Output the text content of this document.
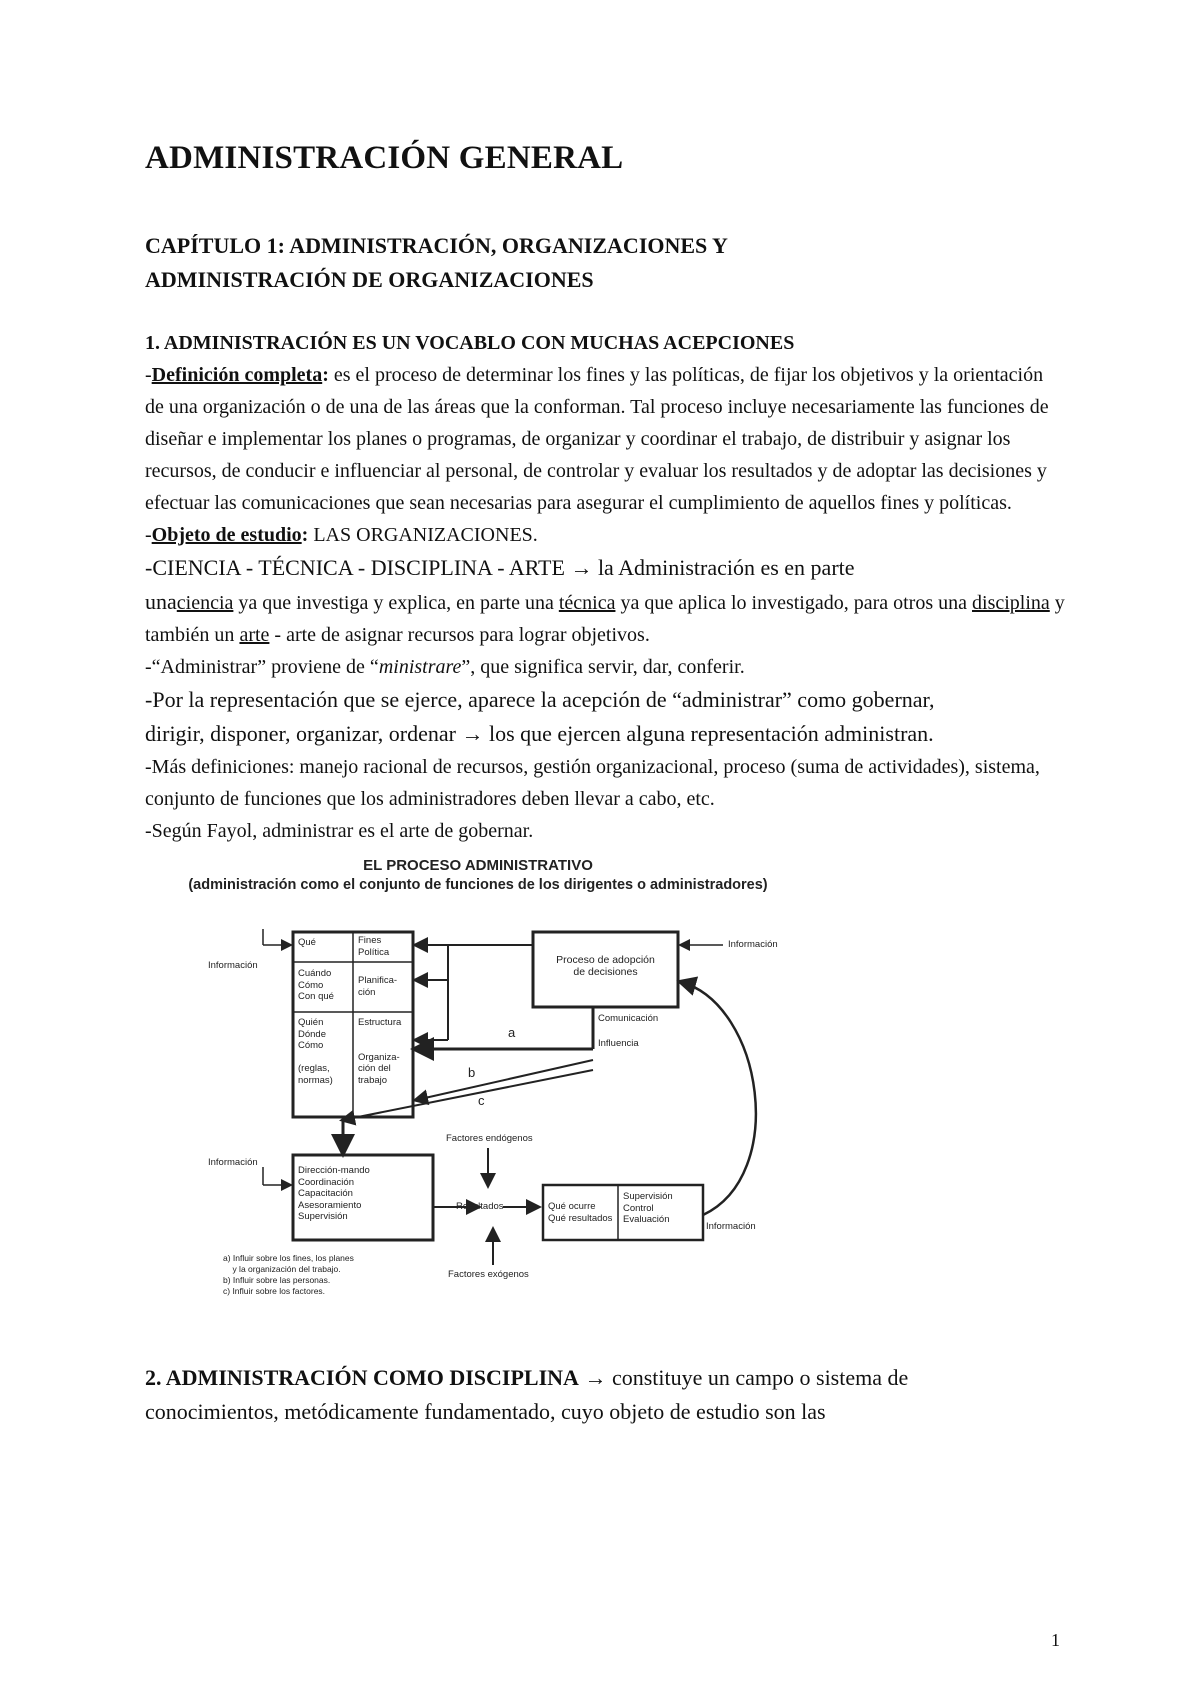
ADMINISTRACIÓN GENERAL
CAPÍTULO 1: ADMINISTRACIÓN, ORGANIZACIONES Y
ADMINISTRACIÓN DE ORGANIZACIONES
1. ADMINISTRACIÓN ES UN VOCABLO CON MUCHAS ACEPCIONES

-Definición completa: es el proceso de determinar los fines y las políticas, de fijar los objetivos y la orientación de una organización o de una de las áreas que la conforman. Tal proceso incluye necesariamente las funciones de diseñar e implementar los planes o programas, de organizar y coordinar el trabajo, de distribuir y asignar los recursos, de conducir e influenciar al personal, de controlar y evaluar los resultados y de adoptar las decisiones y efectuar las comunicaciones que sean necesarias para asegurar el cumplimiento de aquellos fines y políticas.

-Objeto de estudio: LAS ORGANIZACIONES.

-CIENCIA - TÉCNICA - DISCIPLINA - ARTE → la Administración es en parte
unaciencia ya que investiga y explica, en parte una técnica ya que aplica lo investigado, para otros una disciplina y también un arte - arte de asignar recursos para lograr objetivos.

-“Administrar” proviene de “ministrare”, que significa servir, dar, conferir.

-Por la representación que se ejerce, aparece la acepción de “administrar” como gobernar,
dirigir, disponer, organizar, ordenar → los que ejercen alguna representación administran.

-Más definiciones: manejo racional de recursos, gestión organizacional, proceso (suma de actividades), sistema, conjunto de funciones que los administradores deben llevar a cabo, etc.

-Según Fayol, administrar es el arte de gobernar.

EL PROCESO ADMINISTRATIVO
(administración como el conjunto de funciones de los dirigentes o administradores)
Qué	Fines
Política
Cuándo
Cómo
Con qué
Planifica-
ción
Quién
Dónde
Cómo

(reglas,
normas)
Estructura

Organiza-
ción del
trabajo
Información	Proceso de adopción
de decisiones
Información
Comunicación
Influencia
a
b
c
Información
Dirección-mando
Coordinación
Capacitación
Asesoramiento
Supervisión
Factores endógenos
Resultados
Factores exógenos
Qué ocurre
Qué resultados
Supervisión
Control
Evaluación
Información
a) Influir sobre los fines, los planes
y la organización del trabajo.
b) Influir sobre las personas.
c) Influir sobre los factores.

2. ADMINISTRACIÓN COMO DISCIPLINA → constituye un campo o sistema de
conocimientos, metódicamente fundamentado, cuyo objeto de estudio son las

1
